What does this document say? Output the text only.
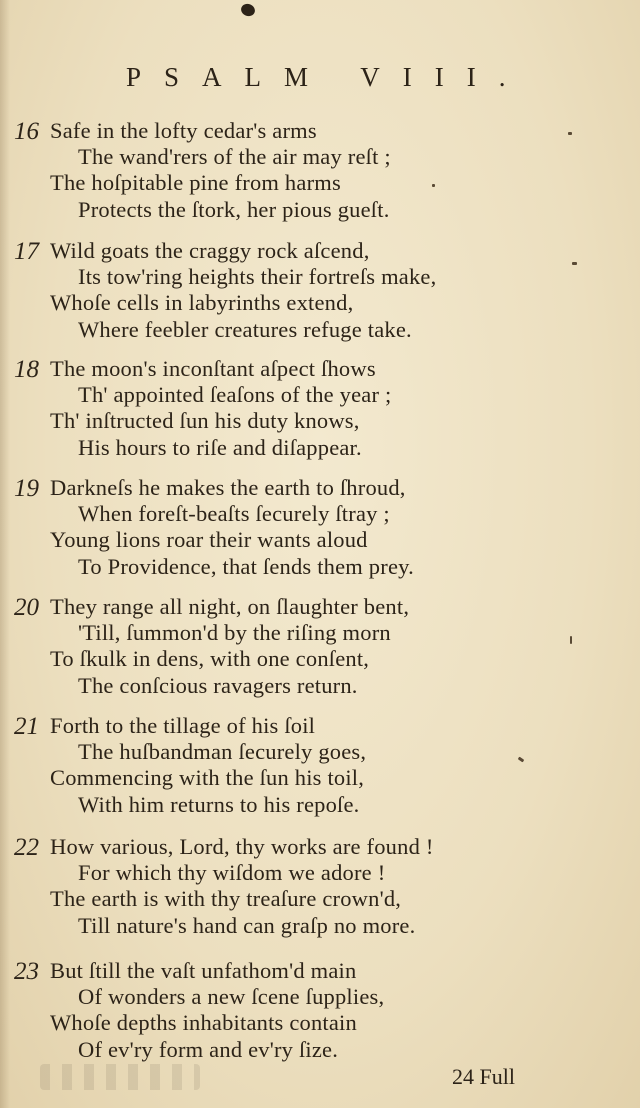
PSALM VIII.
16 Safe in the lofty cedar's arms
The wand'rers of the air may reſt ;
The hoſpitable pine from harms
Protects the ſtork, her pious gueſt.
17 Wild goats the craggy rock aſcend,
Its tow'ring heights their fortreſs make,
Whoſe cells in labyrinths extend,
Where feebler creatures refuge take.
18 The moon's inconſtant aſpect ſhows
Th' appointed ſeaſons of the year ;
Th' inſtructed ſun his duty knows,
His hours to riſe and diſappear.
19 Darkneſs he makes the earth to ſhroud,
When foreſt-beaſts ſecurely ſtray ;
Young lions roar their wants aloud
To Providence, that ſends them prey.
20 They range all night, on ſlaughter bent,
'Till, ſummon'd by the riſing morn
To ſkulk in dens, with one conſent,
The conſcious ravagers return.
21 Forth to the tillage of his ſoil
The huſbandman ſecurely goes,
Commencing with the ſun his toil,
With him returns to his repoſe.
22 How various, Lord, thy works are found !
For which thy wiſdom we adore !
The earth is with thy treaſure crown'd,
Till nature's hand can graſp no more.
23 But ſtill the vaſt unfathom'd main
Of wonders a new ſcene ſupplies,
Whoſe depths inhabitants contain
Of ev'ry form and ev'ry ſize.
24 Full
